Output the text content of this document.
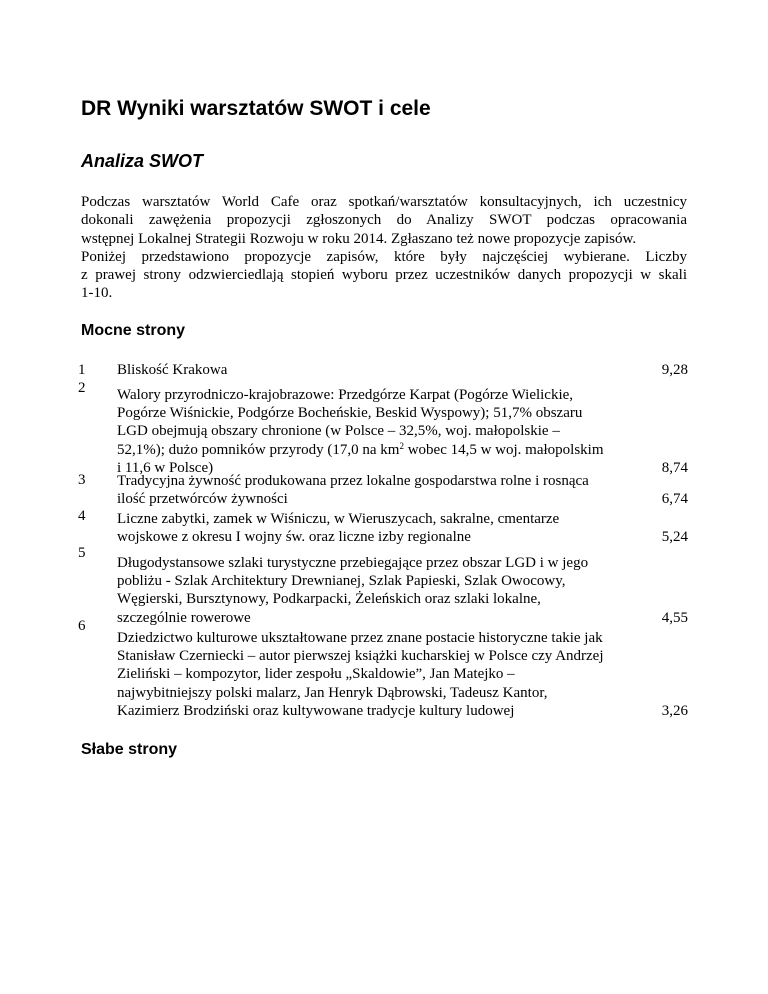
DR Wyniki warsztatów SWOT i cele
Analiza SWOT

Podczas warsztatów World Cafe oraz spotkań/warsztatów konsultacyjnych, ich uczestnicy
dokonali zawężenia propozycji zgłoszonych do Analizy SWOT podczas opracowania
wstępnej Lokalnej Strategii Rozwoju w roku 2014. Zgłaszano też nowe propozycje zapisów.
Poniżej przedstawiono propozycje zapisów, które były najczęściej wybierane. Liczby
z prawej strony odzwierciedlają stopień wyboru przez uczestników danych propozycji w skali
1-10.

Mocne strony
1	Bliskość Krakowa	9,28
2	Walory przyrodniczo-krajobrazowe: Przedgórze Karpat (Pogórze Wielickie,
Pogórze Wiśnickie, Podgórze Bocheńskie, Beskid Wyspowy); 51,7% obszaru
LGD obejmują obszary chronione (w Polsce – 32,5%, woj. małopolskie –
52,1%); dużo pomników przyrody (17,0 na $km^2$ wobec 14,5 w woj. małopolskim
i 11,6 w Polsce)	8,74
3	Tradycyjna żywność produkowana przez lokalne gospodarstwa rolne i rosnąca
ilość przetwórców żywności	6,74
4	Liczne zabytki, zamek w Wiśniczu, w Wieruszycach, sakralne, cmentarze
wojskowe z okresu I wojny św. oraz liczne izby regionalne	5,24
5
Długodystansowe szlaki turystyczne przebiegające przez obszar LGD i w jego
pobliżu - Szlak Architektury Drewnianej, Szlak Papieski, Szlak Owocowy,
Węgierski, Bursztynowy, Podkarpacki, Żeleńskich oraz szlaki lokalne,
szczególnie rowerowe	4,55
6
Dziedzictwo kulturowe ukształtowane przez znane postacie historyczne takie jak
Stanisław Czerniecki – autor pierwszej książki kucharskiej w Polsce czy Andrzej
Zieliński – kompozytor, lider zespołu „Skaldowie”, Jan Matejko –
najwybitniejszy polski malarz, Jan Henryk Dąbrowski, Tadeusz Kantor,
Kazimierz Brodziński oraz kultywowane tradycje kultury ludowej	3,26
Słabe strony
